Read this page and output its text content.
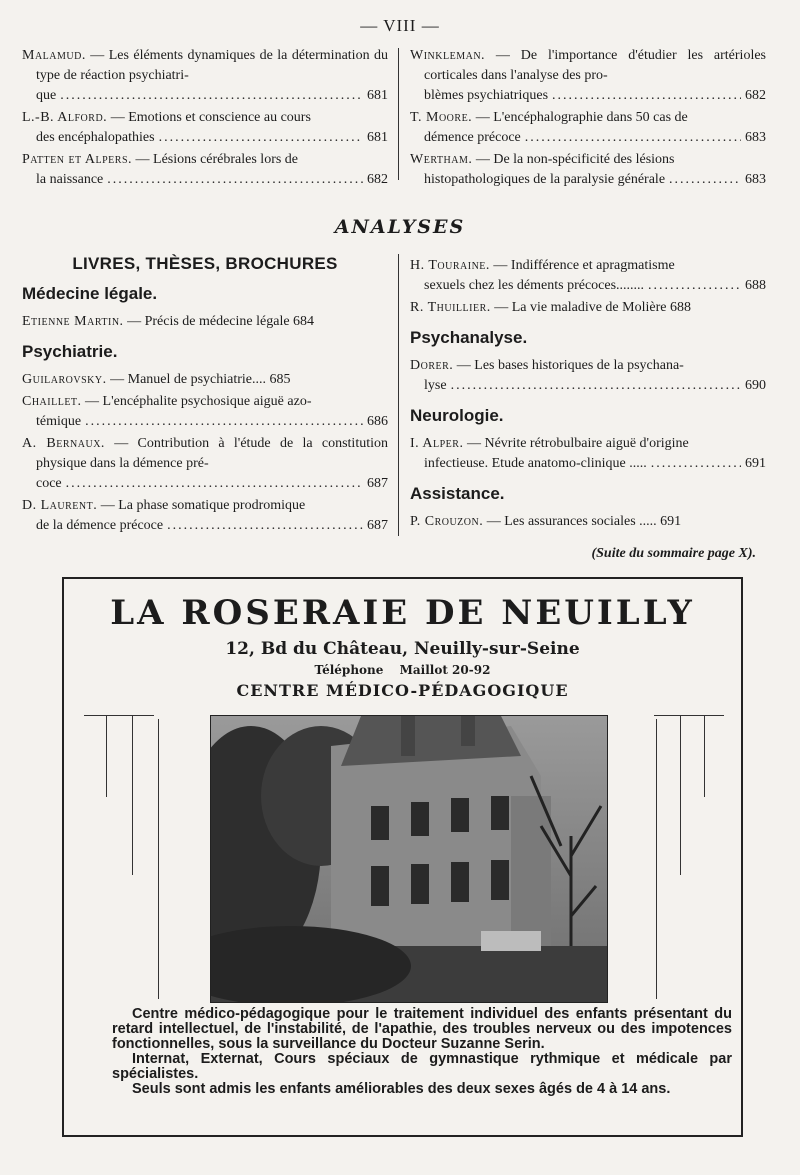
— VIII —
Malamud. — Les éléments dynamiques de la détermination du type de réaction psychiatri-
que .....	681
L.-B. Alford. — Emotions et conscience au cours
des encéphalopathies .....	681
Patten et Alpers. — Lésions cérébrales lors de
la naissance .....	682
Winkleman. — De l'importance d'étudier les artérioles corticales dans l'analyse des pro-
blèmes psychiatriques .....	682
T. Moore. — L'encéphalographie dans 50 cas de
démence précoce .....	683
Wertham. — De la non-spécificité des lésions
histopathologiques de la paralysie générale .....	683
ANALYSES
LIVRES, THÈSES, BROCHURES
Médecine légale.
Etienne Martin. — Précis de médecine légale 684
Psychiatrie.
Guilarovsky. — Manuel de psychiatrie.... 685
Chaillet. — L'encéphalite psychosique aiguë azo-
témique .....	686
A. Bernaux. — Contribution à l'étude de la constitution physique dans la démence pré-
coce .....	687
D. Laurent. — La phase somatique prodromique
de la démence précoce .....	687
H. Touraine. — Indifférence et apragmatisme
sexuels chez les déments précoces........ .....	688
R. Thuillier. — La vie maladive de Molière 688
Psychanalyse.
Dorer. — Les bases historiques de la psychana-
lyse .....	690
Neurologie.
I. Alper. — Névrite rétrobulbaire aiguë d'origine
infectieuse. Etude anatomo-clinique ..... .....	691
Assistance.
P. Crouzon. — Les assurances sociales ..... 691
(Suite du sommaire page X).
LA ROSERAIE DE NEUILLY
12, Bd du Château, Neuilly-sur-Seine
Téléphone Maillot 20-92
CENTRE MÉDICO-PÉDAGOGIQUE

Centre médico-pédagogique pour le traitement individuel des enfants présentant du retard intellectuel, de l'instabilité, de l'apathie, des troubles nerveux ou des impotences fonctionnelles, sous la surveillance du Docteur Suzanne Serin.

Internat, Externat, Cours spéciaux de gymnastique rythmique et médicale par spécialistes.

Seuls sont admis les enfants améliorables des deux sexes âgés de 4 à 14 ans.
